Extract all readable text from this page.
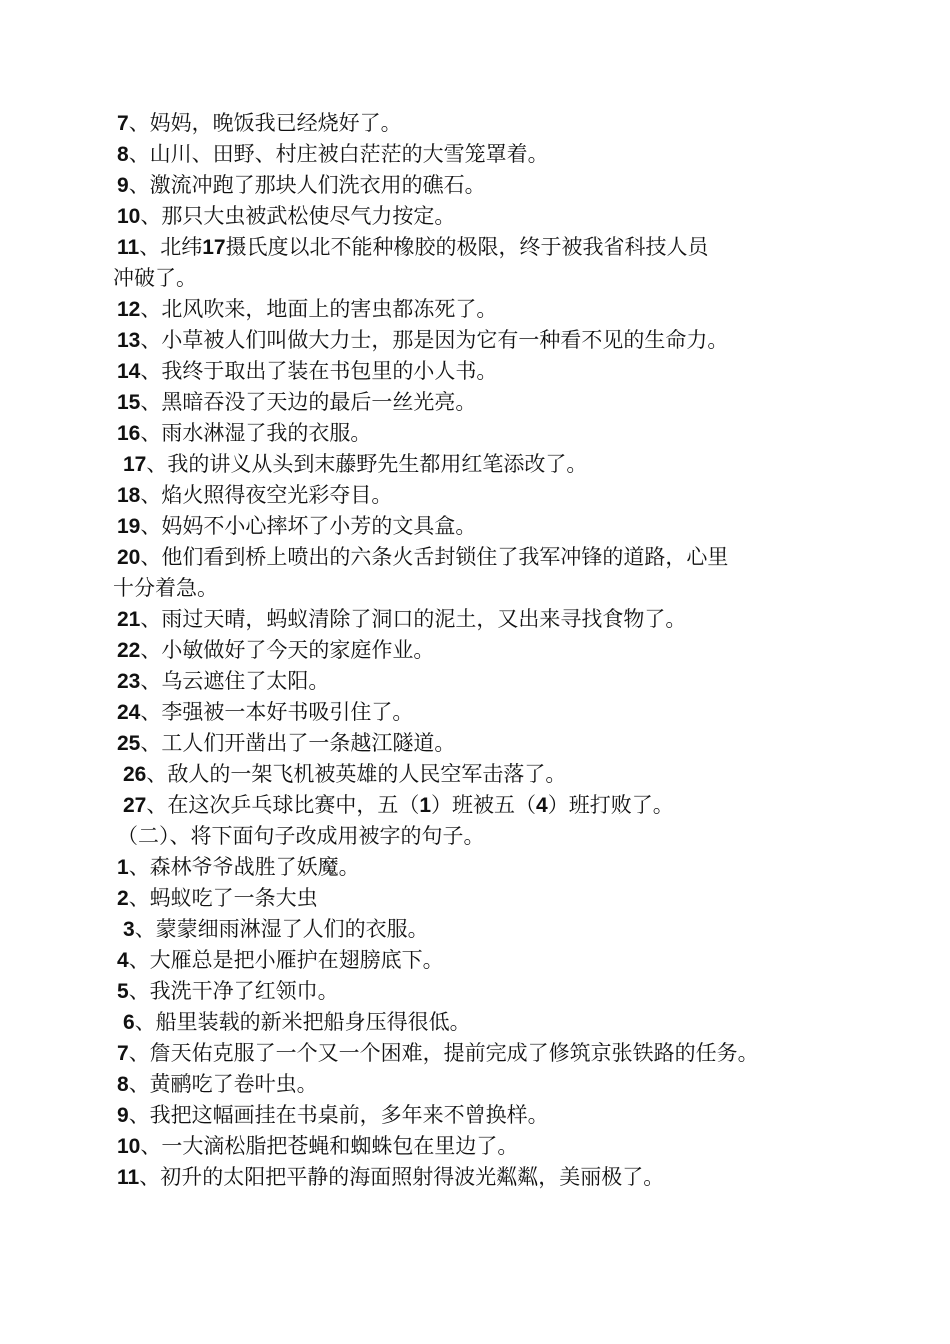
7、妈妈，晚饭我已经烧好了。
8、山川、田野、村庄被白茫茫的大雪笼罩着。
9、激流冲跑了那块人们洗衣用的礁石。
10、那只大虫被武松使尽气力按定。
11、北纬17摄氏度以北不能种橡胶的极限，终于被我省科技人员
冲破了。
12、北风吹来，地面上的害虫都冻死了。
13、小草被人们叫做大力士，那是因为它有一种看不见的生命力。
14、我终于取出了装在书包里的小人书。
15、黑暗吞没了天边的最后一丝光亮。
16、雨水淋湿了我的衣服。
17、我的讲义从头到末藤野先生都用红笔添改了。
18、焰火照得夜空光彩夺目。
19、妈妈不小心摔坏了小芳的文具盒。
20、他们看到桥上喷出的六条火舌封锁住了我军冲锋的道路，心里
十分着急。
21、雨过天晴，蚂蚁清除了洞口的泥土，又出来寻找食物了。
22、小敏做好了今天的家庭作业。
23、乌云遮住了太阳。
24、李强被一本好书吸引住了。
25、工人们开凿出了一条越江隧道。
26、敌人的一架飞机被英雄的人民空军击落了。
27、在这次乒乓球比赛中，五（1）班被五（4）班打败了。
（二）、将下面句子改成用被字的句子。
1、森林爷爷战胜了妖魔。
2、蚂蚁吃了一条大虫
3、蒙蒙细雨淋湿了人们的衣服。
4、大雁总是把小雁护在翅膀底下。
5、我洗干净了红领巾。
6、船里装载的新米把船身压得很低。
7、詹天佑克服了一个又一个困难，提前完成了修筑京张铁路的任务。
8、黄鹂吃了卷叶虫。
9、我把这幅画挂在书桌前，多年来不曾换样。
10、一大滴松脂把苍蝇和蜘蛛包在里边了。
11、初升的太阳把平静的海面照射得波光粼粼，美丽极了。
